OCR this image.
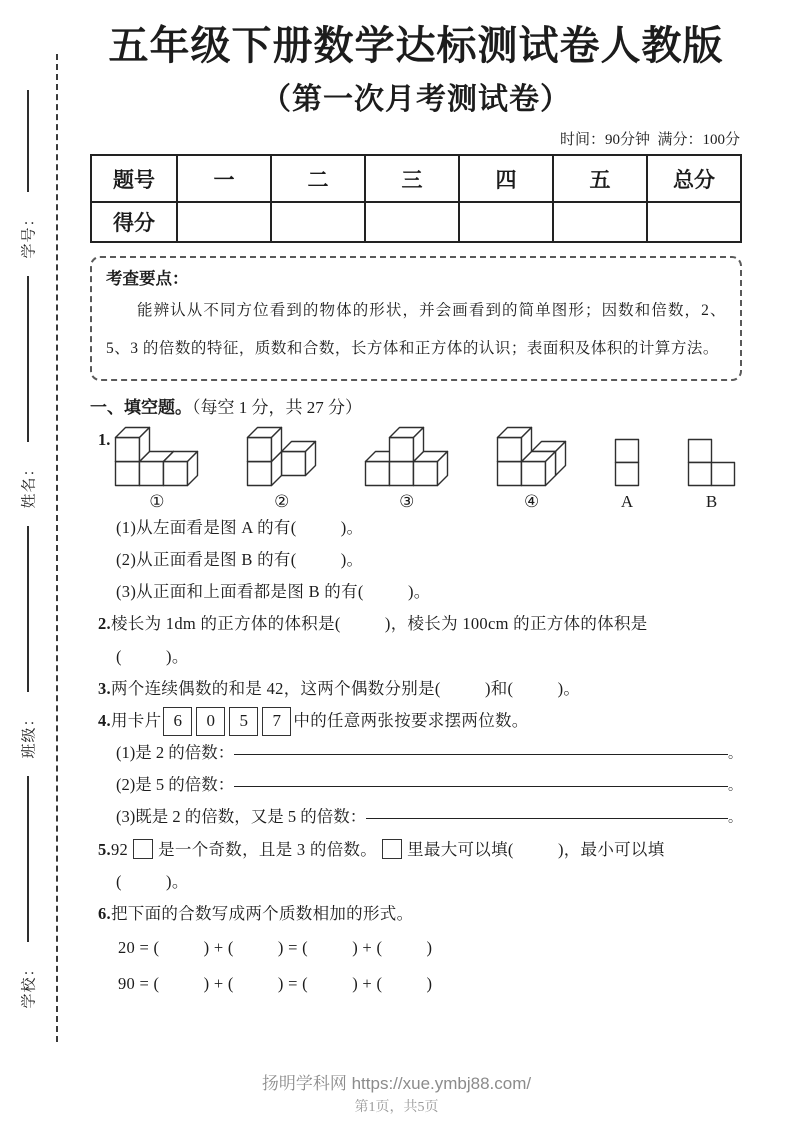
学号：
姓名：
班级：
学校：
五年级下册数学达标测试卷人教版
（第一次月考测试卷）
时间：90分钟  满分：100分
题号	一	二	三	四	五	总分
得分						
考查要点：

能辨认从不同方位看到的物体的形状，并会画看到的简单图形；因数和倍数，2、5、3 的倍数的特征，质数和合数，长方体和正方体的认识；表面积及体积的计算方法。

一、填空题。（每空 1 分，共 27 分）
1.
①	②	③	④	A	B
(1)从左面看是图 A 的有(          )。
(2)从正面看是图 B 的有(          )。
(3)从正面和上面看都是图 B 的有(          )。
2.棱长为 1dm 的正方体的体积是(          )，棱长为 100cm 的正方体的体积是
(          )。
3.两个连续偶数的和是 42，这两个偶数分别是(          )和(          )。
4. 用卡片 6	0	5	7 中的任意两张按要求摆两位数。
(1)是 2 的倍数：	。
(2)是 5 的倍数：	。
(3)既是 2 的倍数，又是 5 的倍数：	。
5.92 是一个奇数，且是 3 的倍数。 里最大可以填(          )，最小可以填
(          )。
6.把下面的合数写成两个质数相加的形式。
20 = (          ) + (          ) = (          ) + (          )
90 = (          ) + (          ) = (          ) + (          )
扬明学科网 https://xue.ymbj88.com/
第1页，共5页
